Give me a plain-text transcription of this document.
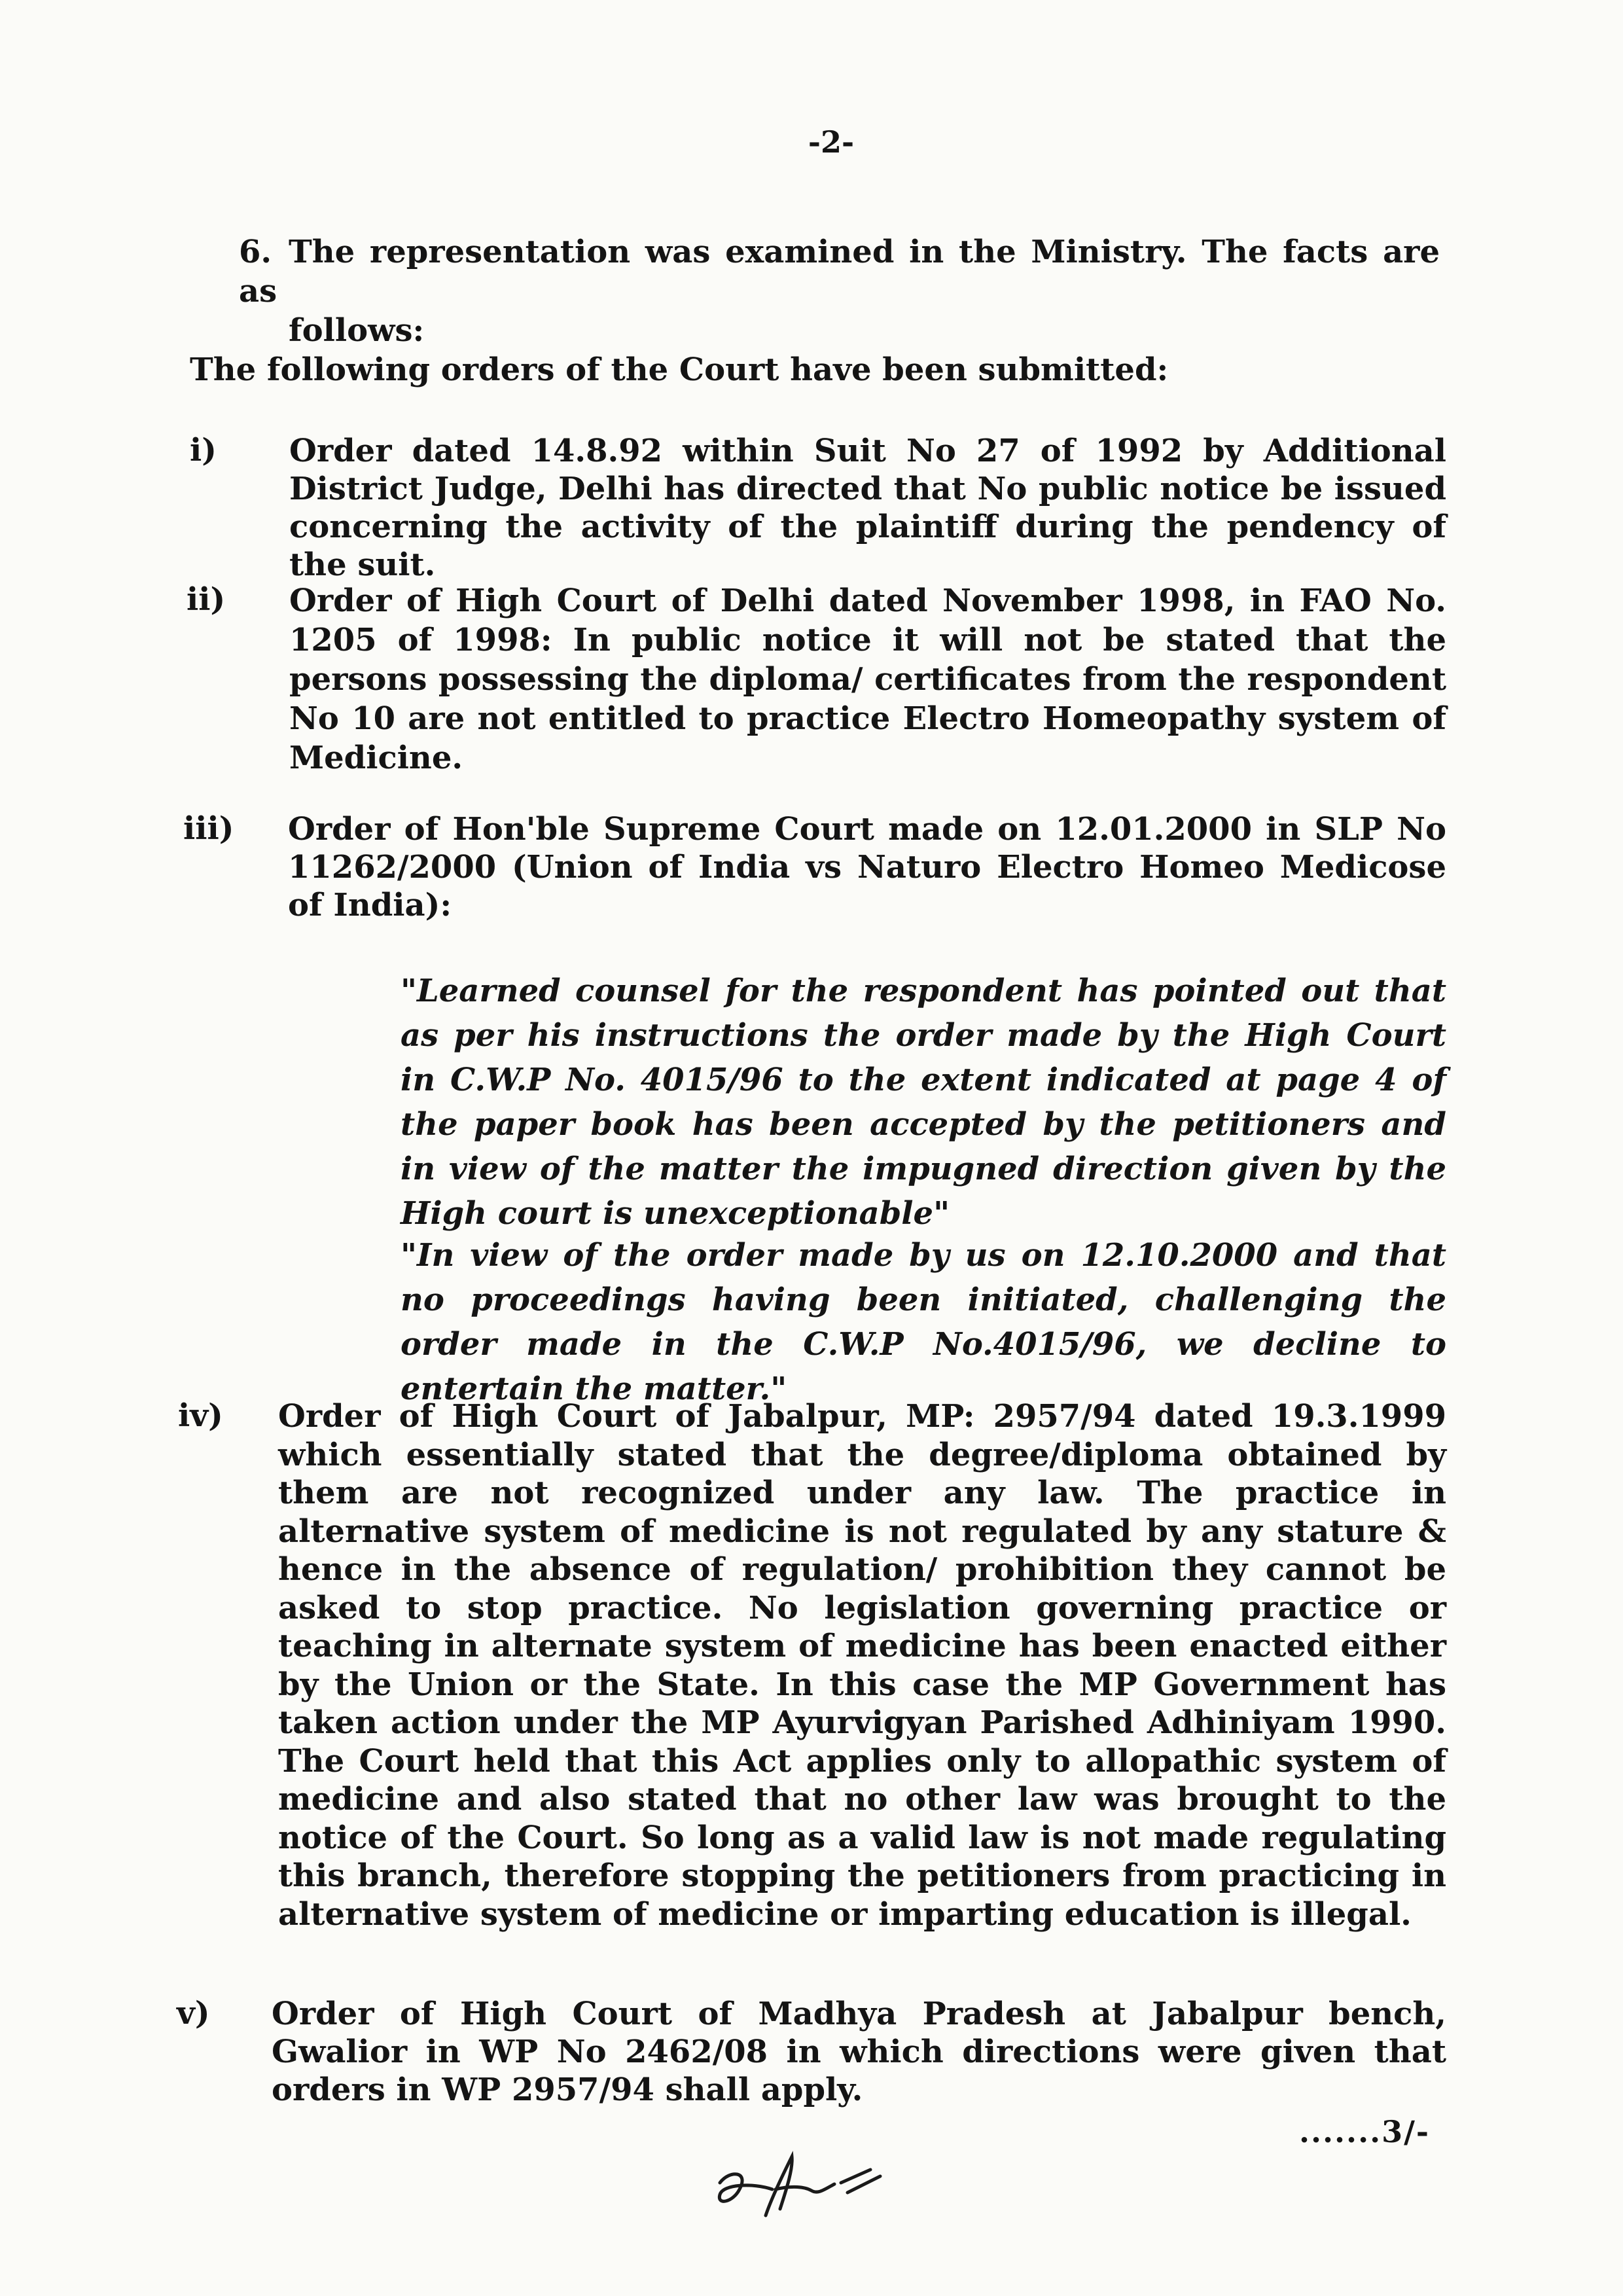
-2-
6. The representation was examined in the Ministry. The facts are as
follows:
The following orders of the Court have been submitted:
i)	Order dated 14.8.92 within Suit No 27 of 1992 by Additional District Judge, Delhi has directed that No public notice be issued concerning the activity of the plaintiff during the pendency of the suit.
ii)	Order of High Court of Delhi dated November 1998, in FAO No. 1205 of 1998: In public notice it will not be stated that the persons possessing the diploma/ certificates from the respondent No 10 are not entitled to practice Electro Homeopathy system of Medicine.
iii)	Order of Hon'ble Supreme Court made on 12.01.2000 in SLP No 11262/2000 (Union of India vs Naturo Electro Homeo Medicose of India):
"Learned counsel for the respondent has pointed out that as per his instructions the order made by the High Court in C.W.P No. 4015/96 to the extent indicated at page 4 of the paper book has been accepted by the petitioners and in view of the matter the impugned direction given by the High court is unexceptionable"
"In view of the order made by us on 12.10.2000 and that no proceedings having been initiated, challenging the order made in the C.W.P No.4015/96, we decline to entertain the matter."
iv)	Order of High Court of Jabalpur, MP: 2957/94 dated 19.3.1999 which essentially stated that the degree/diploma obtained by them are not recognized under any law. The practice in alternative system of medicine is not regulated by any stature & hence in the absence of regulation/ prohibition they cannot be asked to stop practice. No legislation governing practice or teaching in alternate system of medicine has been enacted either by the Union or the State. In this case the MP Government has taken action under the MP Ayurvigyan Parished Adhiniyam 1990. The Court held that this Act applies only to allopathic system of medicine and also stated that no other law was brought to the notice of the Court. So long as a valid law is not made regulating this branch, therefore stopping the petitioners from practicing in alternative system of medicine or imparting education is illegal.
v)	Order of High Court of Madhya Pradesh at Jabalpur bench, Gwalior in WP No 2462/08 in which directions were given that orders in WP 2957/94 shall apply.
.......3/-
